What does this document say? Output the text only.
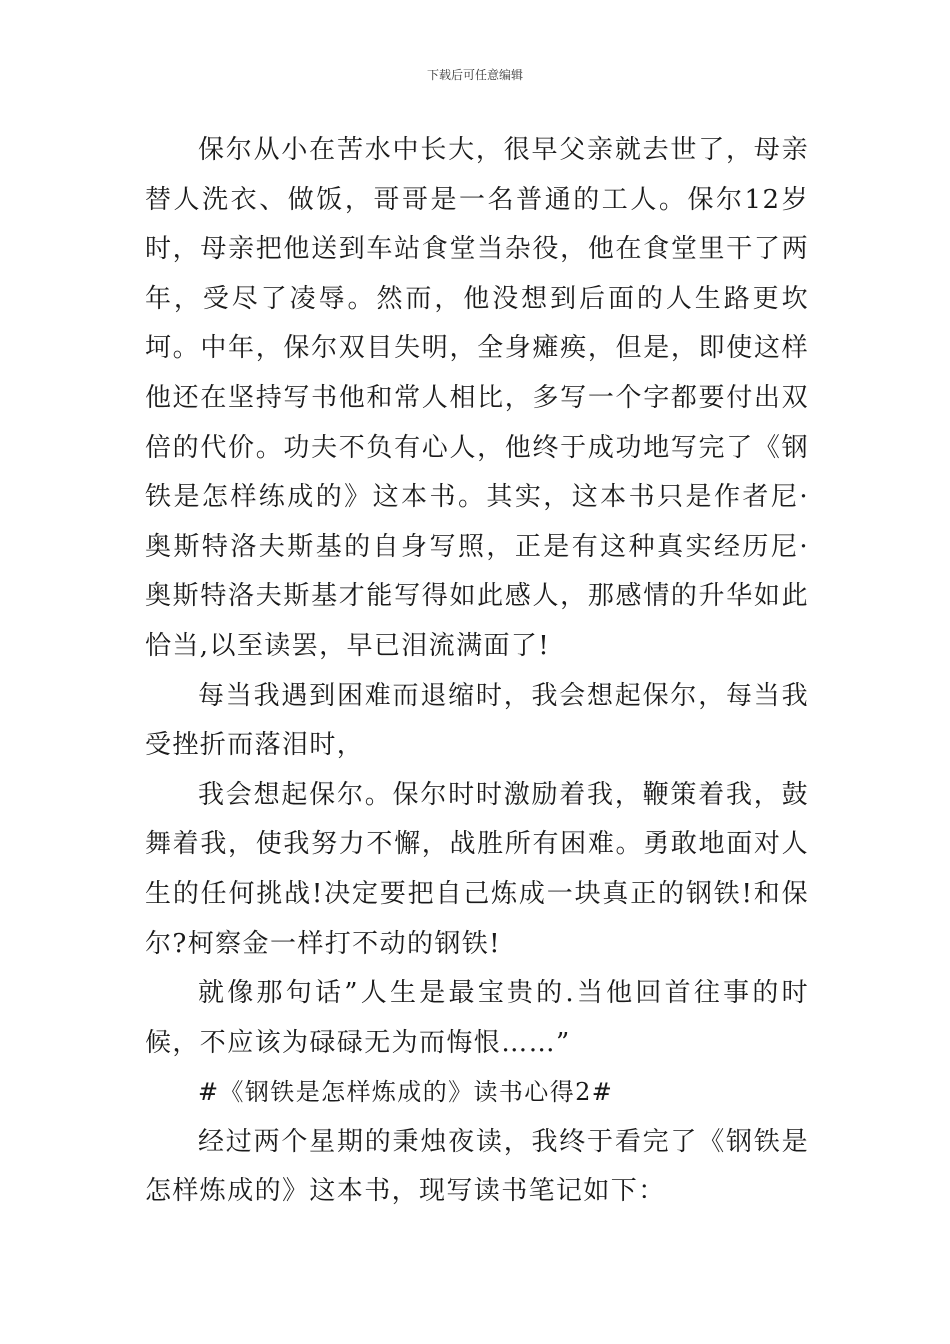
下载后可任意编辑

保尔从小在苦水中长大，很早父亲就去世了，母亲替人洗衣、做饭，哥哥是一名普通的工人。保尔12岁时，母亲把他送到车站食堂当杂役，他在食堂里干了两年，受尽了凌辱。然而，他没想到后面的人生路更坎坷。中年，保尔双目失明，全身瘫痪，但是，即使这样他还在坚持写书他和常人相比，多写一个字都要付出双倍的代价。功夫不负有心人，他终于成功地写完了《钢铁是怎样练成的》这本书。其实，这本书只是作者尼·奥斯特洛夫斯基的自身写照，正是有这种真实经历尼·奥斯特洛夫斯基才能写得如此感人，那感情的升华如此恰当,以至读罢，早已泪流满面了!

每当我遇到困难而退缩时，我会想起保尔，每当我受挫折而落泪时，

我会想起保尔。保尔时时激励着我，鞭策着我，鼓舞着我，使我努力不懈，战胜所有困难。勇敢地面对人生的任何挑战!决定要把自己炼成一块真正的钢铁!和保尔?柯察金一样打不动的钢铁!

就像那句话”人生是最宝贵的.当他回首往事的时候，不应该为碌碌无为而悔恨……”

#《钢铁是怎样炼成的》读书心得2#

经过两个星期的秉烛夜读，我终于看完了《钢铁是怎样炼成的》这本书，现写读书笔记如下：
